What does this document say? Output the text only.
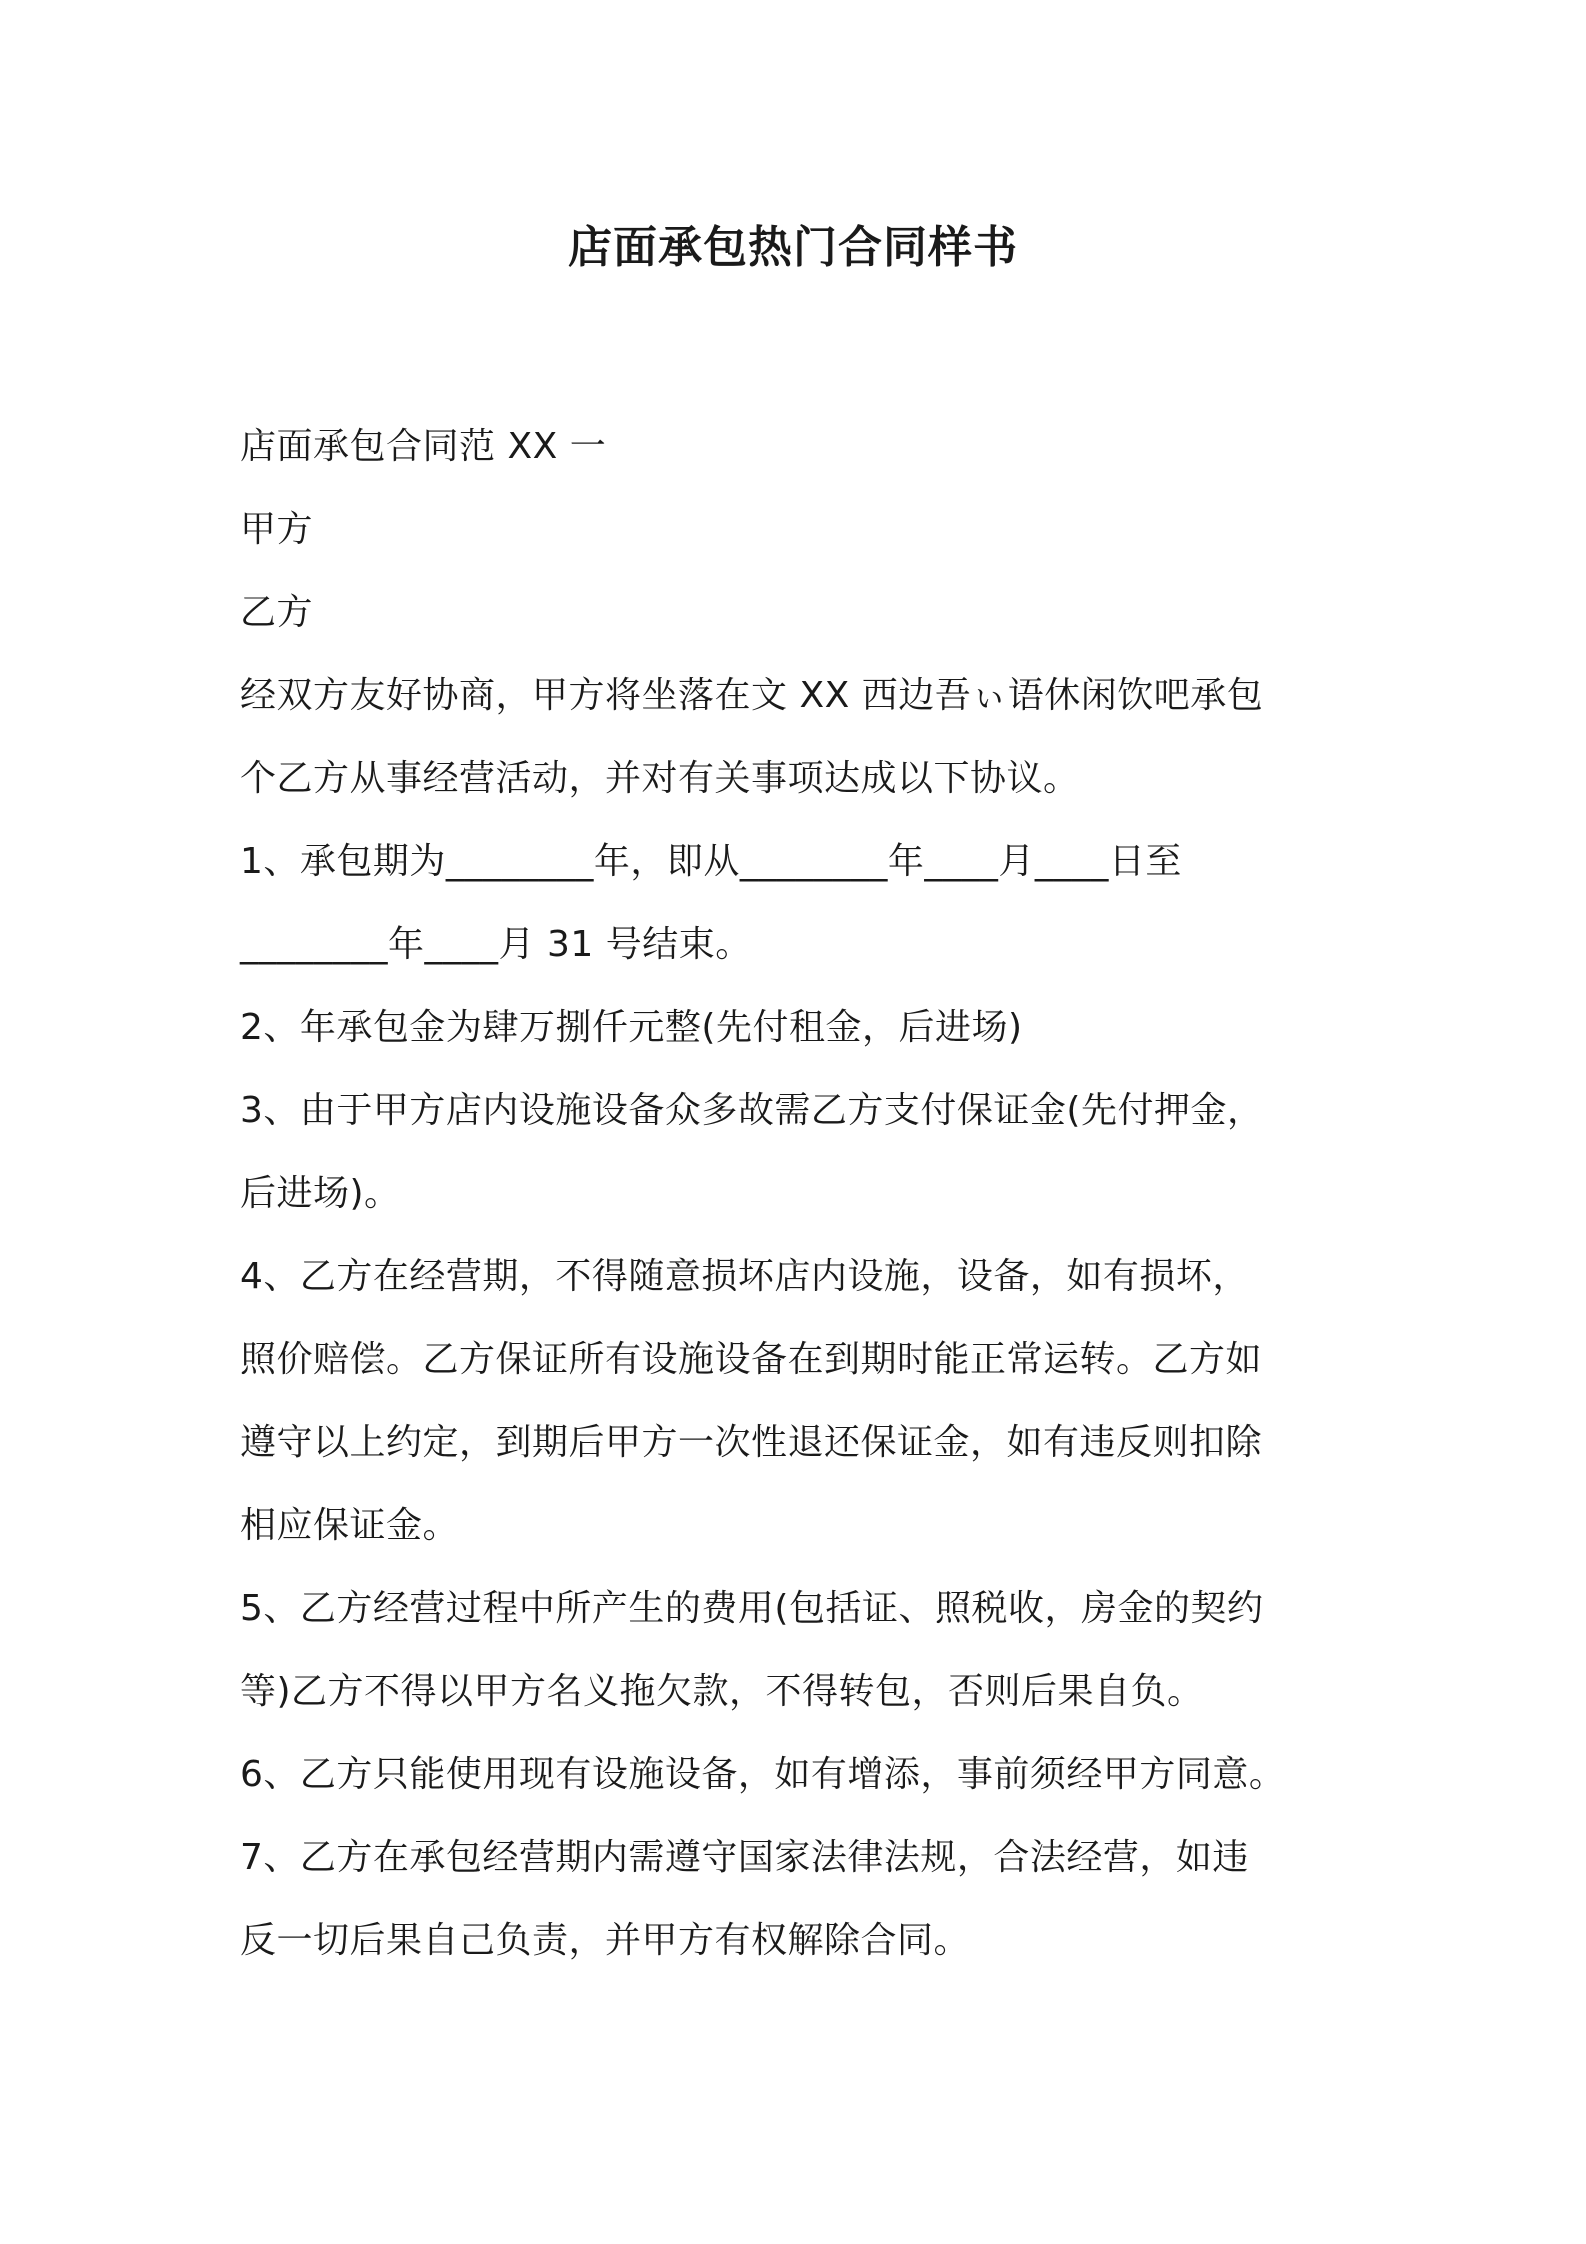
店面承包热门合同样书

店面承包合同范 XX 一

甲方

乙方

经双方友好协商，甲方将坐落在文 XX 西边吾ぃ语休闲饮吧承包

个乙方从事经营活动，并对有关事项达成以下协议。

1、承包期为________年，即从________年____月____日至

________年____月 31 号结束。

2、年承包金为肆万捌仟元整(先付租金，后进场)

3、由于甲方店内设施设备众多故需乙方支付保证金(先付押金，

后进场)。

4、乙方在经营期，不得随意损坏店内设施，设备，如有损坏，

照价赔偿。乙方保证所有设施设备在到期时能正常运转。乙方如

遵守以上约定，到期后甲方一次性退还保证金，如有违反则扣除

相应保证金。

5、乙方经营过程中所产生的费用(包括证、照税收，房金的契约

等)乙方不得以甲方名义拖欠款，不得转包，否则后果自负。

6、乙方只能使用现有设施设备，如有增添，事前须经甲方同意。

7、乙方在承包经营期内需遵守国家法律法规，合法经营，如违

反一切后果自己负责，并甲方有权解除合同。
